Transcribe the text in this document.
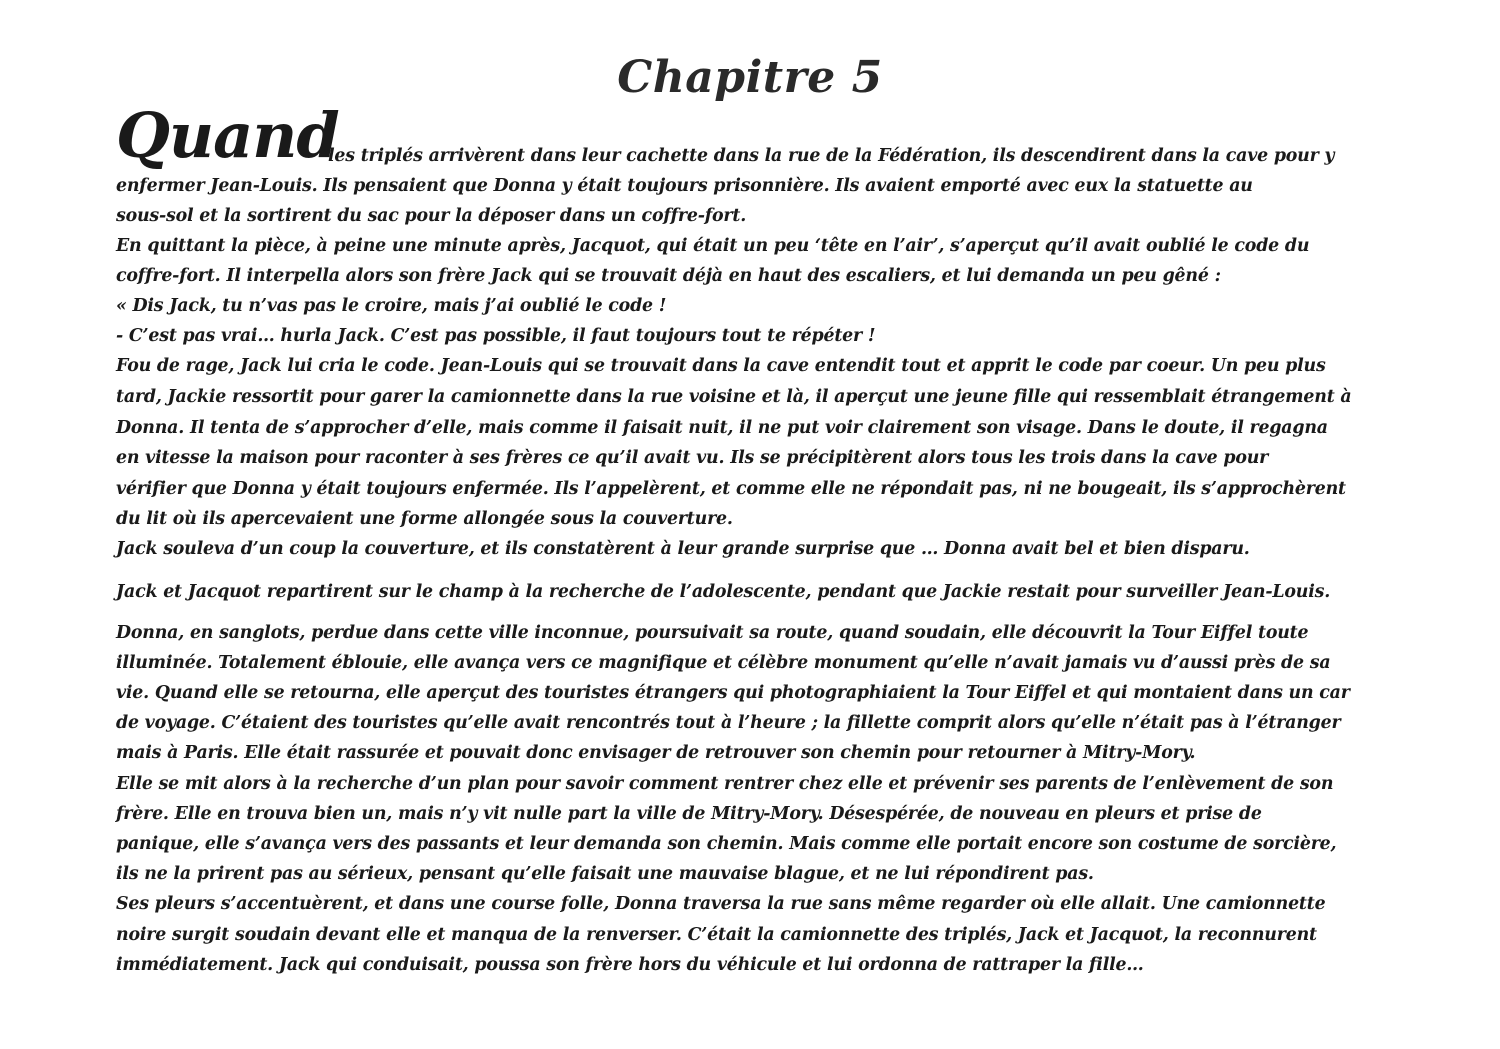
Chapitre 5
Quand
les triplés arrivèrent dans leur cachette dans la rue de la Fédération, ils descendirent dans la cave pour y
enfermer Jean-Louis. Ils pensaient que Donna y était toujours prisonnière. Ils avaient emporté avec eux la statuette au
sous-sol et la sortirent du sac pour la déposer dans un coffre-fort.
En quittant la pièce, à peine une minute après, Jacquot, qui était un peu ‘tête en l’air’, s’aperçut qu’il avait oublié le code du
coffre-fort. Il interpella alors son frère Jack qui se trouvait déjà en haut des escaliers, et lui demanda un peu gêné :
« Dis Jack, tu n’vas pas le croire, mais j’ai oublié le code !
- C’est pas vrai… hurla Jack. C’est pas possible, il faut toujours tout te répéter !
Fou de rage, Jack lui cria le code. Jean-Louis qui se trouvait dans la cave entendit tout et apprit le code par coeur. Un peu plus
tard, Jackie ressortit pour garer la camionnette dans la rue voisine et là, il aperçut une jeune fille qui ressemblait étrangement à
Donna. Il tenta de s’approcher d’elle, mais comme il faisait nuit, il ne put voir clairement son visage. Dans le doute, il regagna
en vitesse la maison pour raconter à ses frères ce qu’il avait vu. Ils se précipitèrent alors tous les trois dans la cave pour
vérifier que Donna y était toujours enfermée. Ils l’appelèrent, et comme elle ne répondait pas, ni ne bougeait, ils s’approchèrent
du lit où ils apercevaient une forme allongée sous la couverture.
Jack souleva d’un coup la couverture, et ils constatèrent à leur grande surprise que … Donna avait bel et bien disparu.
Jack et Jacquot repartirent sur le champ à la recherche de l’adolescente, pendant que Jackie restait pour surveiller Jean-Louis.
Donna, en sanglots, perdue dans cette ville inconnue, poursuivait sa route, quand soudain, elle découvrit la Tour Eiffel toute
illuminée. Totalement éblouie, elle avança vers ce magnifique et célèbre monument qu’elle n’avait jamais vu d’aussi près de sa
vie. Quand elle se retourna, elle aperçut des touristes étrangers qui photographiaient la Tour Eiffel et qui montaient dans un car
de voyage. C’étaient des touristes qu’elle avait rencontrés tout à l’heure ; la fillette comprit alors qu’elle n’était pas à l’étranger
mais à Paris. Elle était rassurée et pouvait donc envisager de retrouver son chemin pour retourner à Mitry-Mory.
Elle se mit alors à la recherche d’un plan pour savoir comment rentrer chez elle et prévenir ses parents de l’enlèvement de son
frère. Elle en trouva bien un, mais n’y vit nulle part la ville de Mitry-Mory. Désespérée, de nouveau en pleurs et prise de
panique, elle s’avança vers des passants et leur demanda son chemin. Mais comme elle portait encore son costume de sorcière,
ils ne la prirent pas au sérieux, pensant qu’elle faisait une mauvaise blague, et ne lui répondirent pas.
Ses pleurs s’accentuèrent, et dans une course folle, Donna traversa la rue sans même regarder où elle allait. Une camionnette
noire surgit soudain devant elle et manqua de la renverser. C’était la camionnette des triplés, Jack et Jacquot, la reconnurent
immédiatement. Jack qui conduisait, poussa son frère hors du véhicule et lui ordonna de rattraper la fille…
